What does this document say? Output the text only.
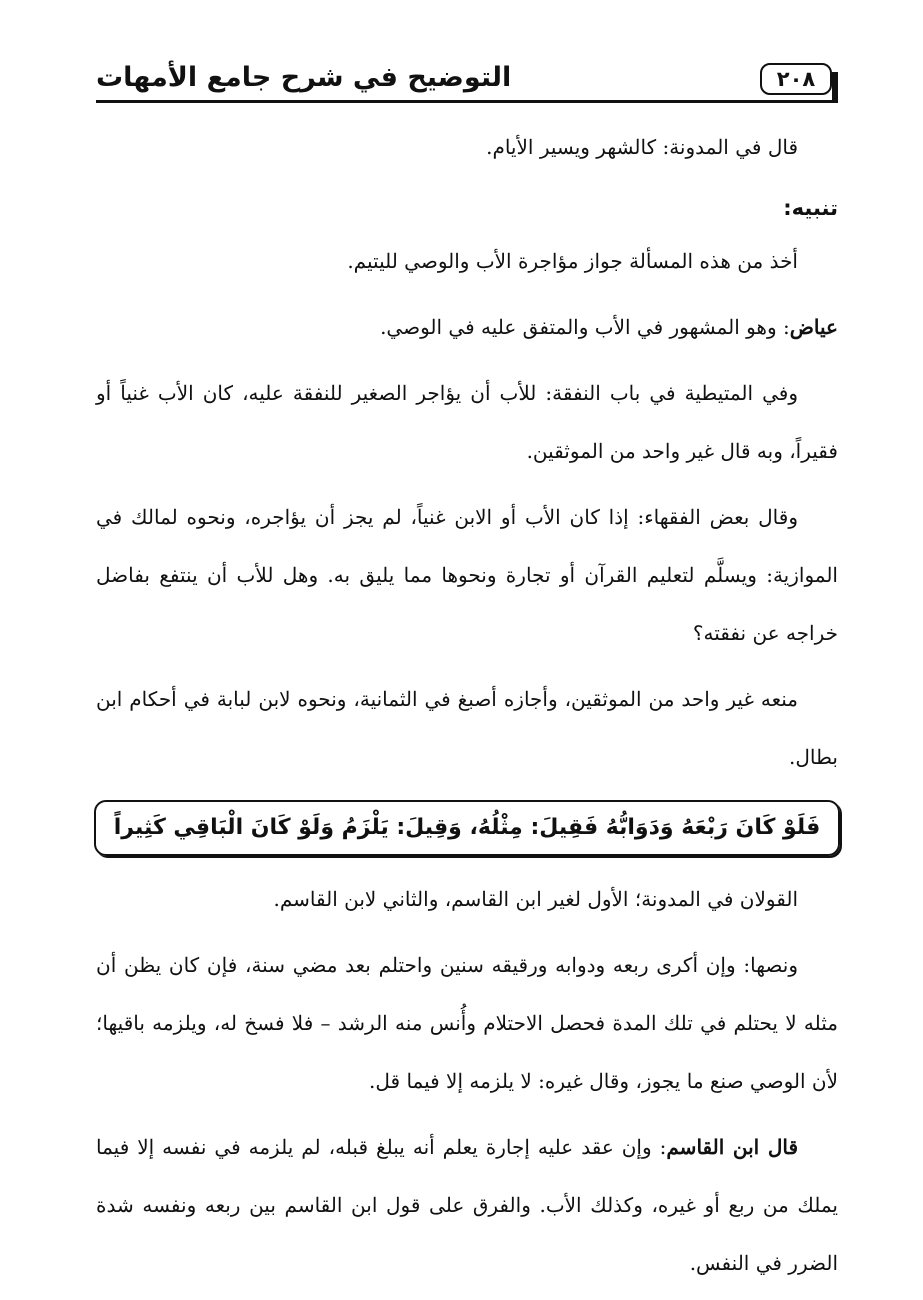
التوضيح في شرح جامع الأمهات	٢٠٨

قال في المدونة: كالشهر ويسير الأيام.

تنبيه:

أخذ من هذه المسألة جواز مؤاجرة الأب والوصي لليتيم.

عياض: وهو المشهور في الأب والمتفق عليه في الوصي.

وفي المتيطية في باب النفقة: للأب أن يؤاجر الصغير للنفقة عليه، كان الأب غنياً أو فقيراً، وبه قال غير واحد من الموثقين.

وقال بعض الفقهاء: إذا كان الأب أو الابن غنياً، لم يجز أن يؤاجره، ونحوه لمالك في الموازية: ويسلَّم لتعليم القرآن أو تجارة ونحوها مما يليق به. وهل للأب أن ينتفع بفاضل خراجه عن نفقته؟

منعه غير واحد من الموثقين، وأجازه أصبغ في الثمانية، ونحوه لابن لبابة في أحكام ابن بطال.

فَلَوْ كَانَ رَبْعَهُ وَدَوَابُّهُ فَقِيلَ: مِثْلُهُ، وَقِيلَ: يَلْزَمُ وَلَوْ كَانَ الْبَاقِي كَثِيراً

القولان في المدونة؛ الأول لغير ابن القاسم، والثاني لابن القاسم.

ونصها: وإن أكرى ربعه ودوابه ورقيقه سنين واحتلم بعد مضي سنة، فإن كان يظن أن مثله لا يحتلم في تلك المدة فحصل الاحتلام وأُنس منه الرشد – فلا فسخ له، ويلزمه باقيها؛ لأن الوصي صنع ما يجوز، وقال غيره: لا يلزمه إلا فيما قل.

قال ابن القاسم: وإن عقد عليه إجارة يعلم أنه يبلغ قبله، لم يلزمه في نفسه إلا فيما يملك من ربع أو غيره، وكذلك الأب. والفرق على قول ابن القاسم بين ربعه ونفسه شدة الضرر في النفس.
